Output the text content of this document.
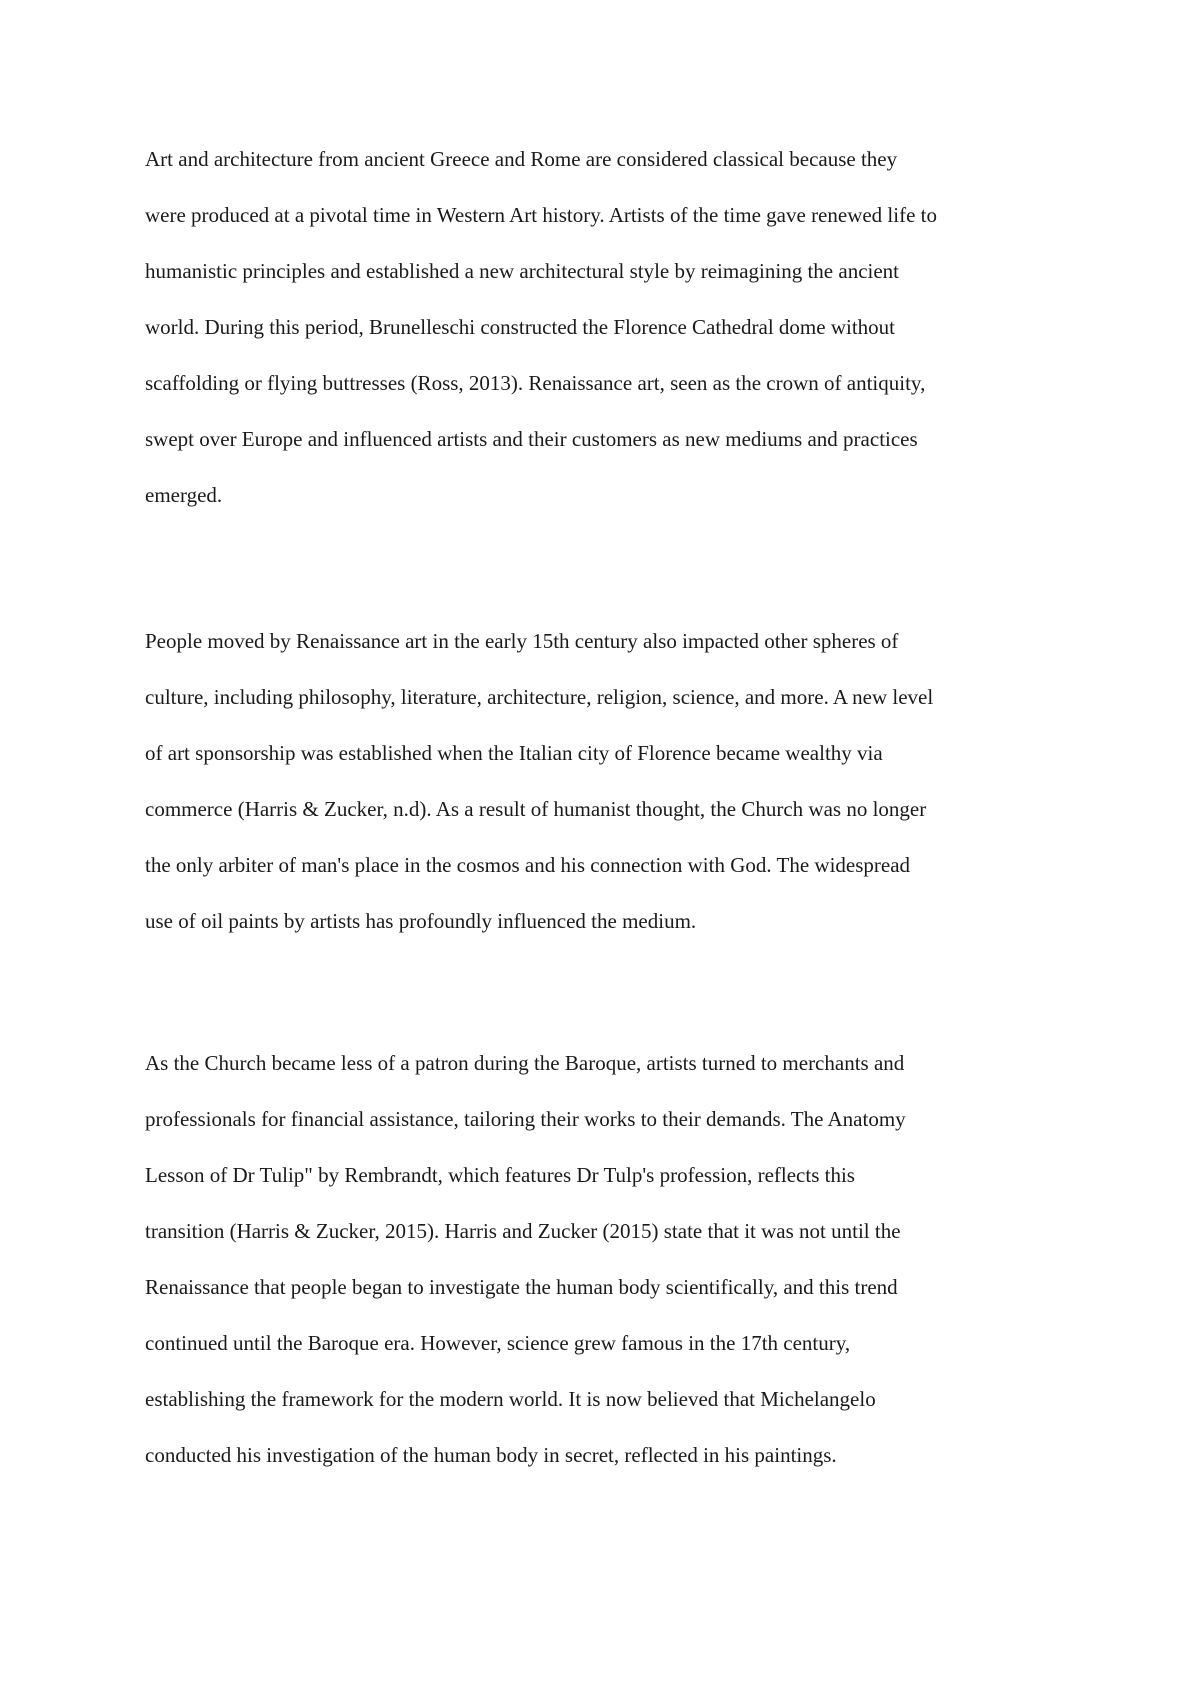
Art and architecture from ancient Greece and Rome are considered classical because they
were produced at a pivotal time in Western Art history. Artists of the time gave renewed life to
humanistic principles and established a new architectural style by reimagining the ancient
world. During this period, Brunelleschi constructed the Florence Cathedral dome without
scaffolding or flying buttresses (Ross, 2013). Renaissance art, seen as the crown of antiquity,
swept over Europe and influenced artists and their customers as new mediums and practices
emerged.
People moved by Renaissance art in the early 15th century also impacted other spheres of
culture, including philosophy, literature, architecture, religion, science, and more. A new level
of art sponsorship was established when the Italian city of Florence became wealthy via
commerce (Harris & Zucker, n.d). As a result of humanist thought, the Church was no longer
the only arbiter of man's place in the cosmos and his connection with God. The widespread
use of oil paints by artists has profoundly influenced the medium.
As the Church became less of a patron during the Baroque, artists turned to merchants and
professionals for financial assistance, tailoring their works to their demands. The Anatomy
Lesson of Dr Tulip" by Rembrandt, which features Dr Tulp's profession, reflects this
transition (Harris & Zucker, 2015). Harris and Zucker (2015) state that it was not until the
Renaissance that people began to investigate the human body scientifically, and this trend
continued until the Baroque era. However, science grew famous in the 17th century,
establishing the framework for the modern world. It is now believed that Michelangelo
conducted his investigation of the human body in secret, reflected in his paintings.
